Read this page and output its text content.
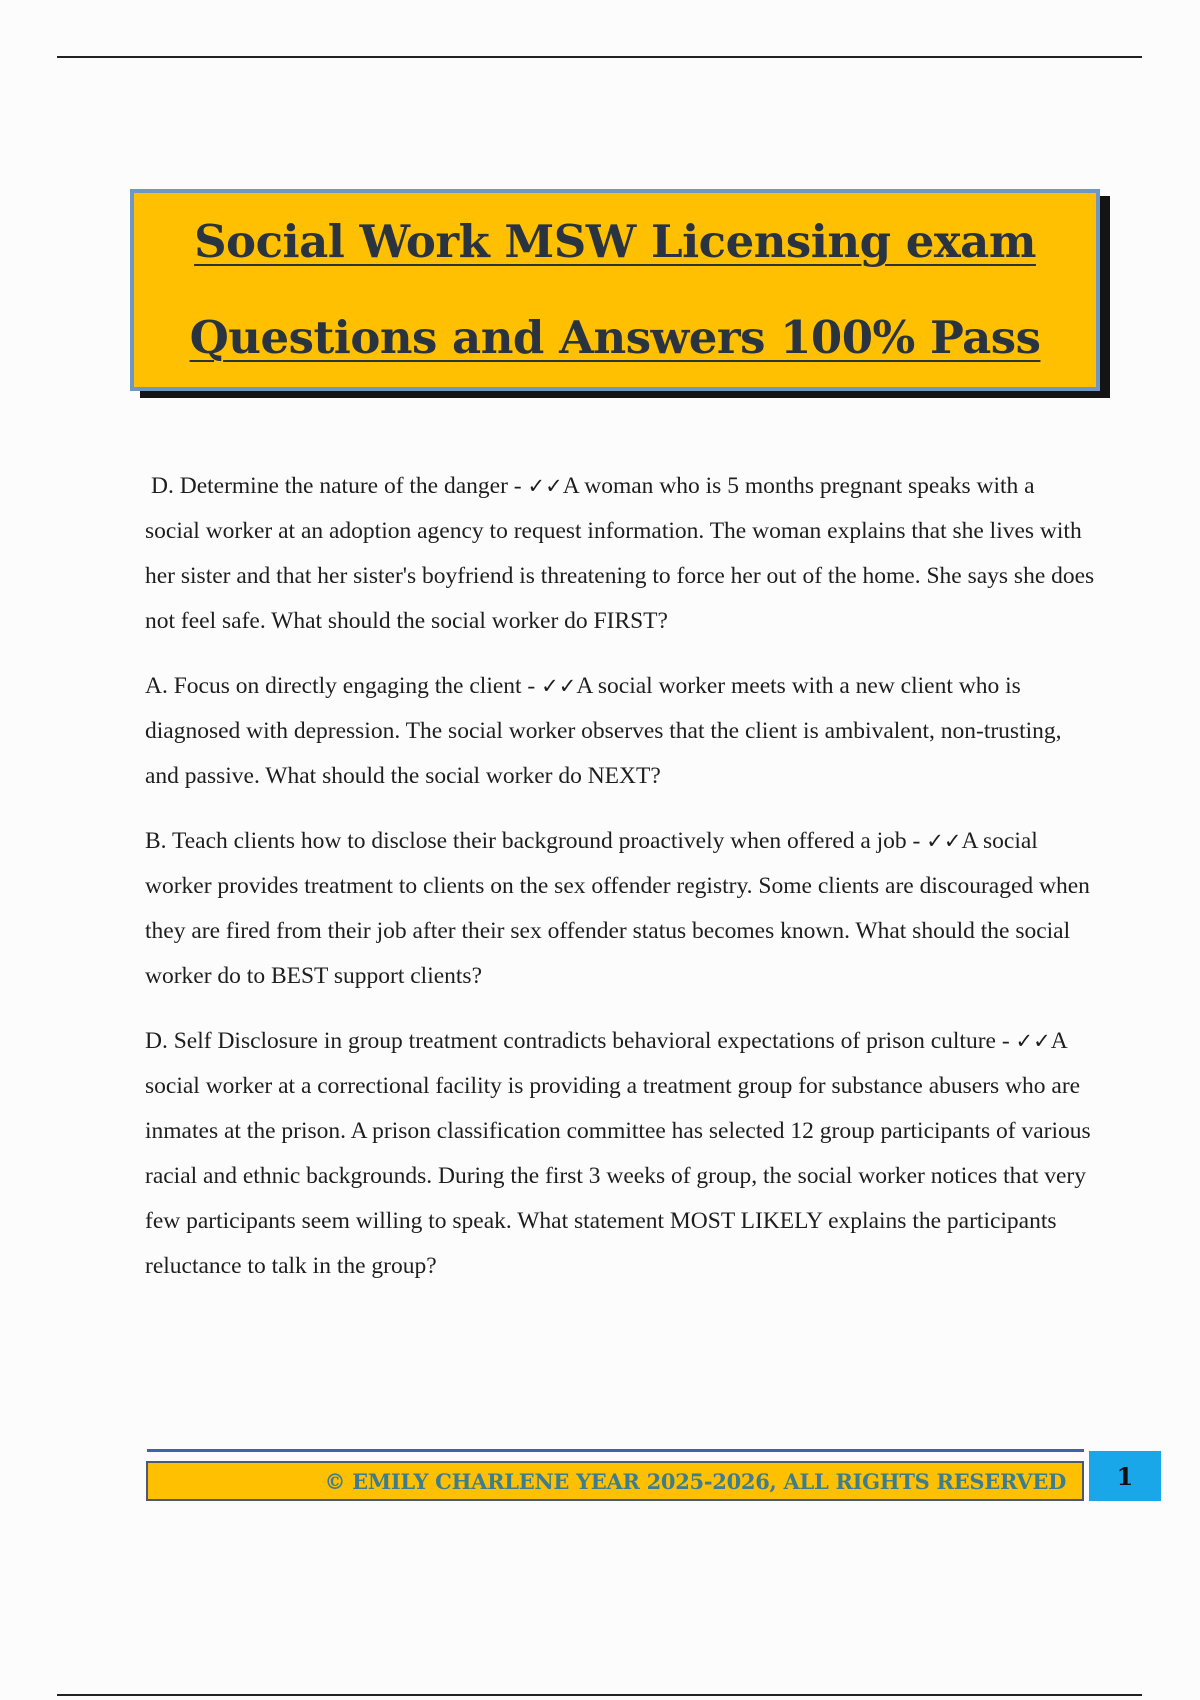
Social Work MSW Licensing exam
Questions and Answers 100% Pass

D. Determine the nature of the danger - ✓✓A woman who is 5 months pregnant speaks with a social worker at an adoption agency to request information. The woman explains that she lives with her sister and that her sister's boyfriend is threatening to force her out of the home. She says she does not feel safe. What should the social worker do FIRST?

A. Focus on directly engaging the client - ✓✓A social worker meets with a new client who is diagnosed with depression. The social worker observes that the client is ambivalent, non-trusting, and passive. What should the social worker do NEXT?

B. Teach clients how to disclose their background proactively when offered a job - ✓✓A social worker provides treatment to clients on the sex offender registry. Some clients are discouraged when they are fired from their job after their sex offender status becomes known. What should the social worker do to BEST support clients?

D. Self Disclosure in group treatment contradicts behavioral expectations of prison culture - ✓✓A social worker at a correctional facility is providing a treatment group for substance abusers who are inmates at the prison. A prison classification committee has selected 12 group participants of various racial and ethnic backgrounds. During the first 3 weeks of group, the social worker notices that very few participants seem willing to speak. What statement MOST LIKELY explains the participants reluctance to talk in the group?

© EMILY CHARLENE YEAR 2025-2026, ALL RIGHTS RESERVED 1
